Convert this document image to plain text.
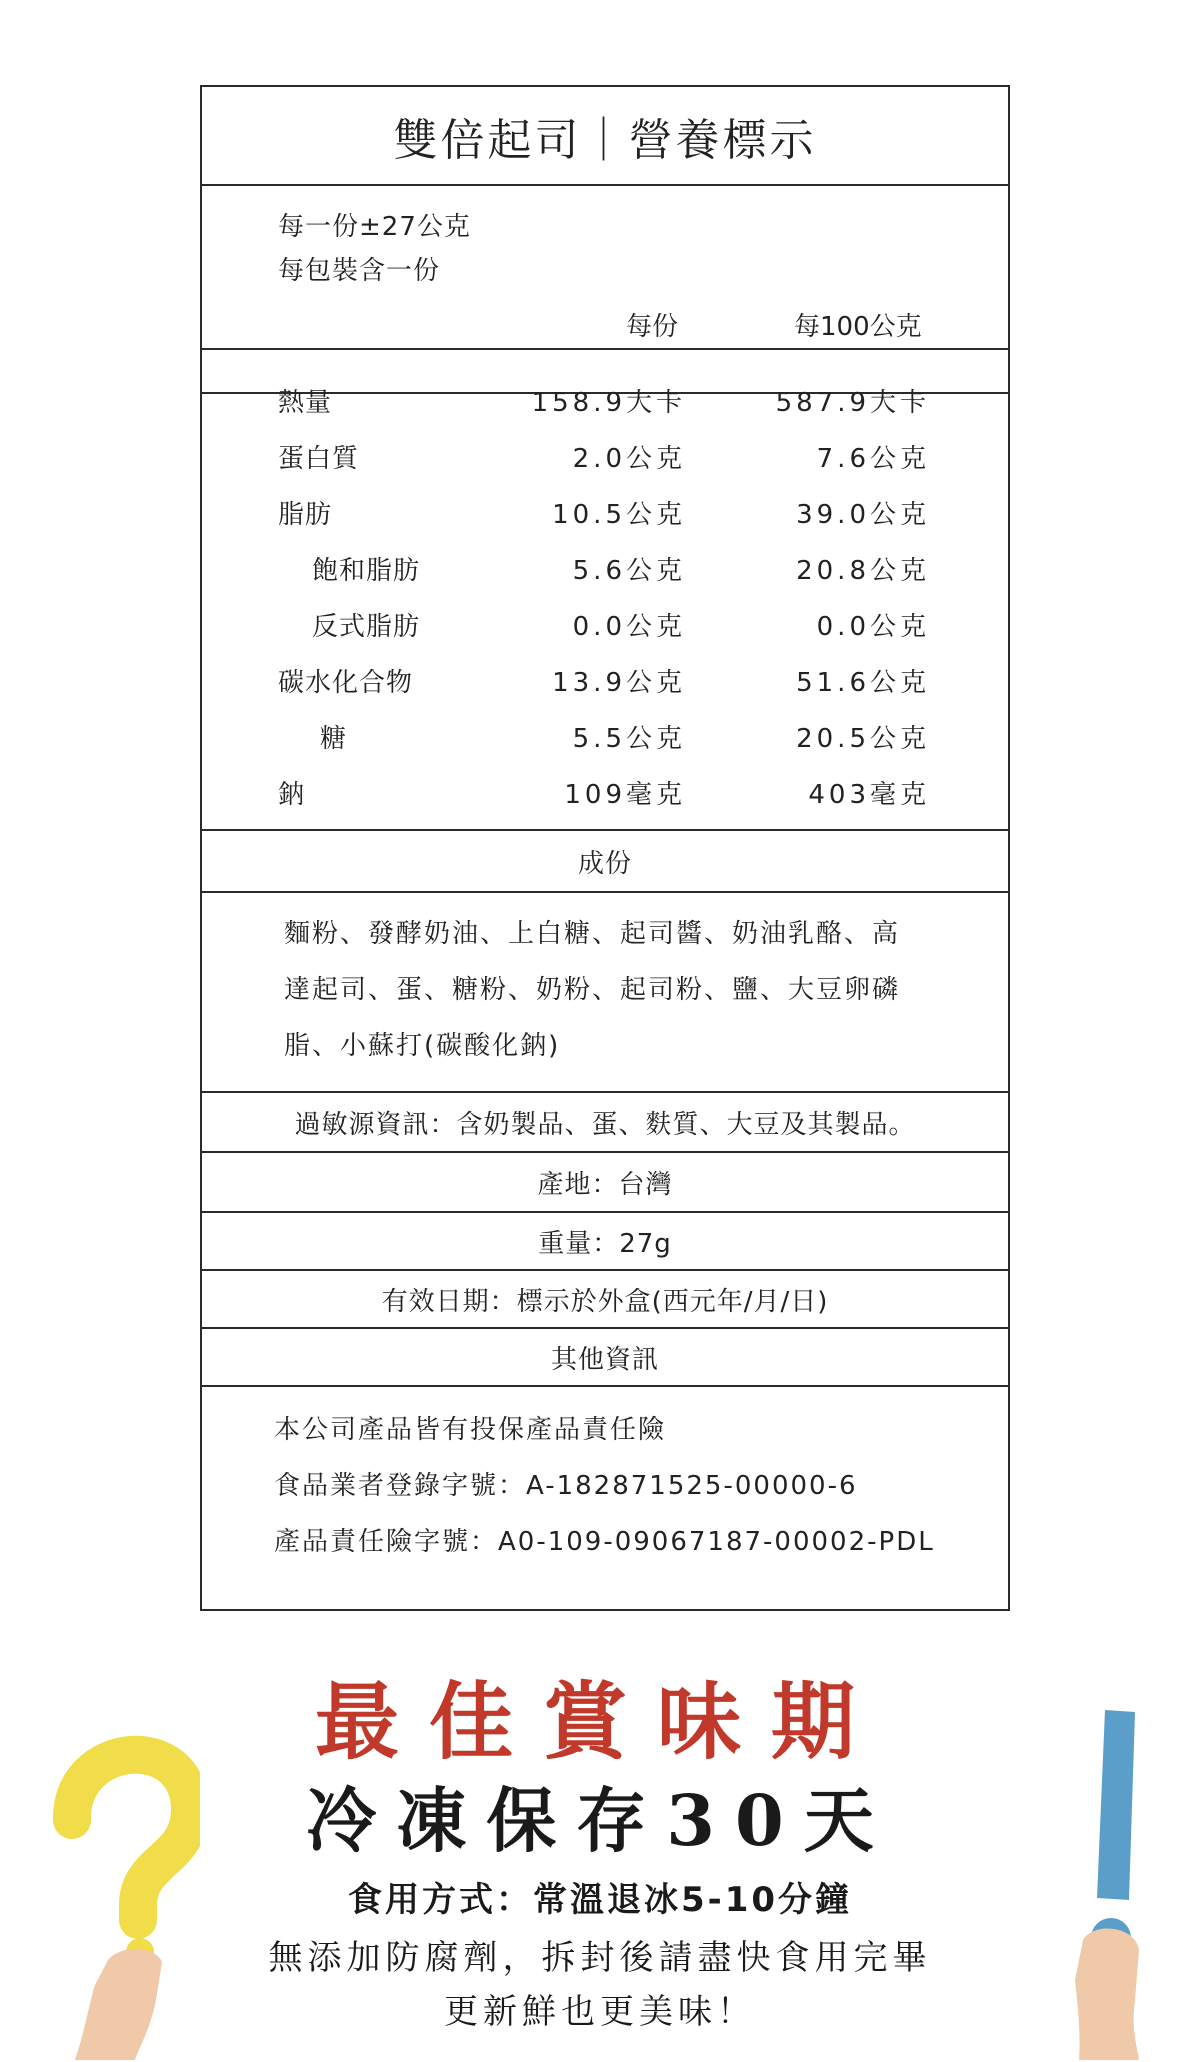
雙倍起司｜營養標示
每一份±27公克
每包裝含一份
每份	每100公克
熱量	158.9大卡	587.9大卡
蛋白質	2.0公克	7.6公克
脂肪	10.5公克	39.0公克
飽和脂肪	5.6公克	20.8公克
反式脂肪	0.0公克	0.0公克
碳水化合物	13.9公克	51.6公克
糖	5.5公克	20.5公克
鈉	109毫克	403毫克
成份
麵粉、發酵奶油、上白糖、起司醬、奶油乳酪、高
達起司、蛋、糖粉、奶粉、起司粉、鹽、大豆卵磷
脂、小蘇打(碳酸化鈉)
過敏源資訊：含奶製品、蛋、麩質、大豆及其製品。
產地：台灣
重量：27g
有效日期：標示於外盒(西元年/月/日)
其他資訊
本公司產品皆有投保產品責任險
食品業者登錄字號：A-182871525-00000-6
產品責任險字號：A0-109-09067187-00002-PDL
最佳賞味期
冷凍保存30天
食用方式：常溫退冰5-10分鐘
無添加防腐劑，拆封後請盡快食用完畢
更新鮮也更美味！
